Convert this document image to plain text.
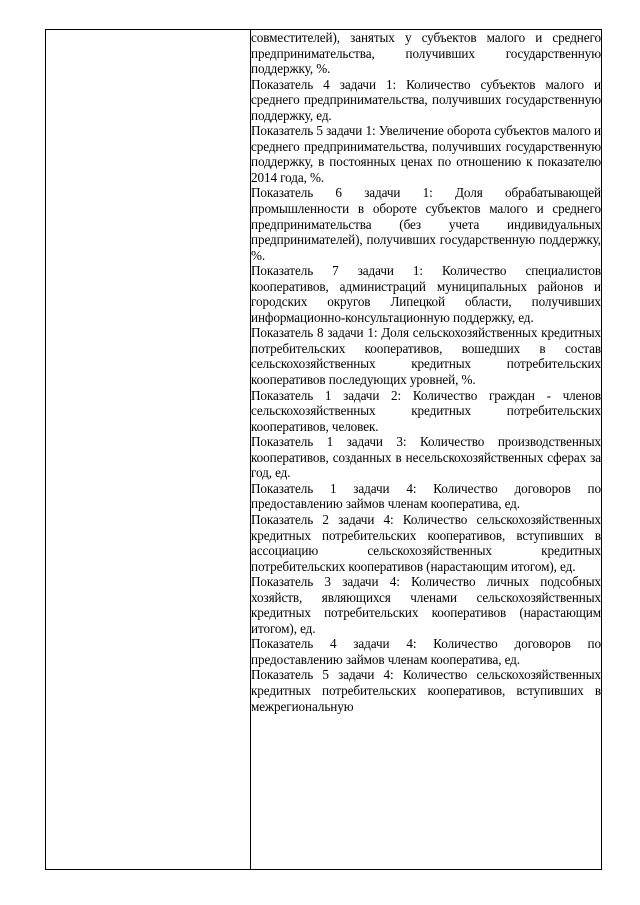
совместителей), занятых у субъектов малого и среднего предпринимательства, получивших государственную поддержку, %.

Показатель 4 задачи 1: Количество субъектов малого и среднего предпринимательства, получивших государственную поддержку, ед.

Показатель 5 задачи 1: Увеличение оборота субъектов малого и среднего предпринимательства, получивших государственную поддержку, в постоянных ценах по отношению к показателю 2014 года, %.

Показатель 6 задачи 1: Доля обрабатывающей промышленности в обороте субъектов малого и среднего предпринимательства (без учета индивидуальных предпринимателей), получивших государственную поддержку, %.

Показатель 7 задачи 1: Количество специалистов кооперативов, администраций муниципальных районов и городских округов Липецкой области, получивших информационно-консультационную поддержку, ед.

Показатель 8 задачи 1: Доля сельскохозяйственных кредитных потребительских кооперативов, вошедших в состав сельскохозяйственных кредитных потребительских кооперативов последующих уровней, %.

Показатель 1 задачи 2: Количество граждан - членов сельскохозяйственных кредитных потребительских кооперативов, человек.

Показатель 1 задачи 3: Количество производственных кооперативов, созданных в несельскохозяйственных сферах за год, ед.

Показатель 1 задачи 4: Количество договоров по предоставлению займов членам кооператива, ед.

Показатель 2 задачи 4: Количество сельскохозяйственных кредитных потребительских кооперативов, вступивших в ассоциацию сельскохозяйственных кредитных потребительских кооперативов (нарастающим итогом), ед.

Показатель 3 задачи 4: Количество личных подсобных хозяйств, являющихся членами сельскохозяйственных кредитных потребительских кооперативов (нарастающим итогом), ед.

Показатель 4 задачи 4: Количество договоров по предоставлению займов членам кооператива, ед.

Показатель 5 задачи 4: Количество сельскохозяйственных кредитных потребительских кооперативов, вступивших в межрегиональную
